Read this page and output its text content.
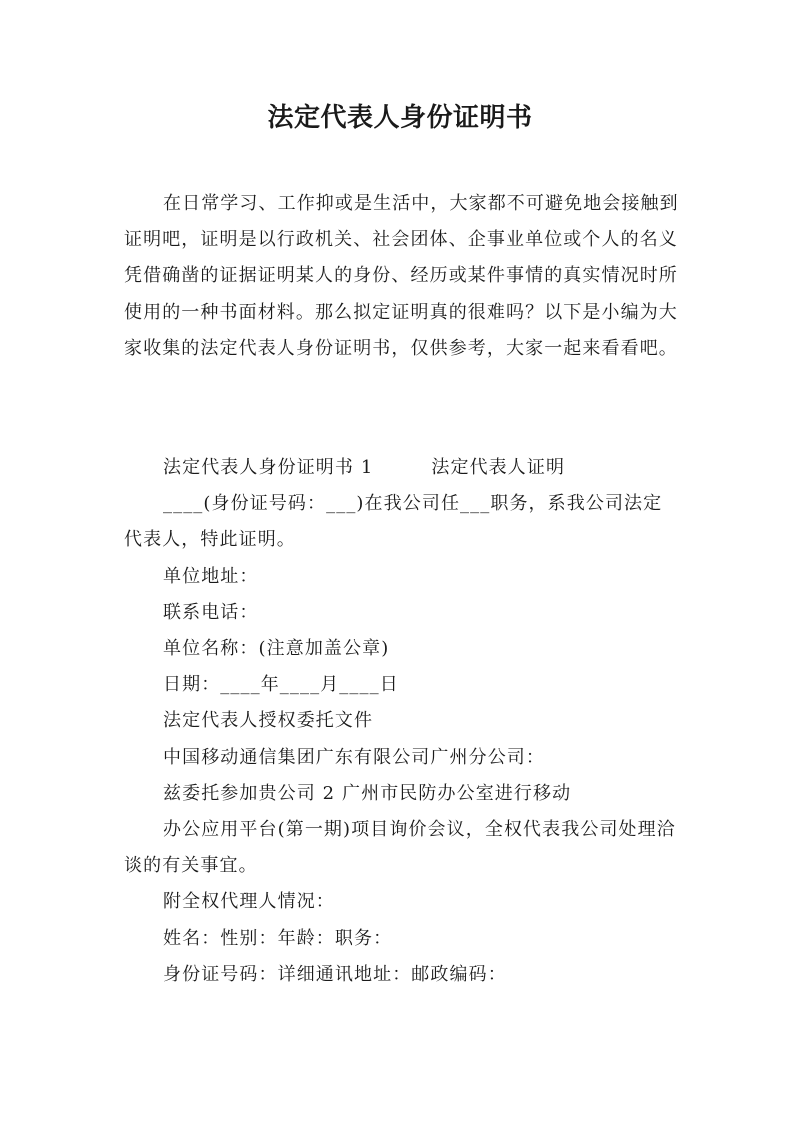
法定代表人身份证明书

在日常学习、工作抑或是生活中，大家都不可避免地会接触到证明吧，证明是以行政机关、社会团体、企事业单位或个人的名义凭借确凿的证据证明某人的身份、经历或某件事情的真实情况时所使用的一种书面材料。那么拟定证明真的很难吗？以下是小编为大家收集的法定代表人身份证明书，仅供参考，大家一起来看看吧。

法定代表人身份证明书 1	法定代表人证明

____(身份证号码：___)在我公司任___职务，系我公司法定代表人，特此证明。

单位地址：

联系电话：

单位名称：(注意加盖公章)

日期：____年____月____日

法定代表人授权委托文件

中国移动通信集团广东有限公司广州分公司：

兹委托参加贵公司 2 广州市民防办公室进行移动

办公应用平台(第一期)项目询价会议，全权代表我公司处理洽谈的有关事宜。

附全权代理人情况：

姓名：性别：年龄：职务：

身份证号码：详细通讯地址：邮政编码：
